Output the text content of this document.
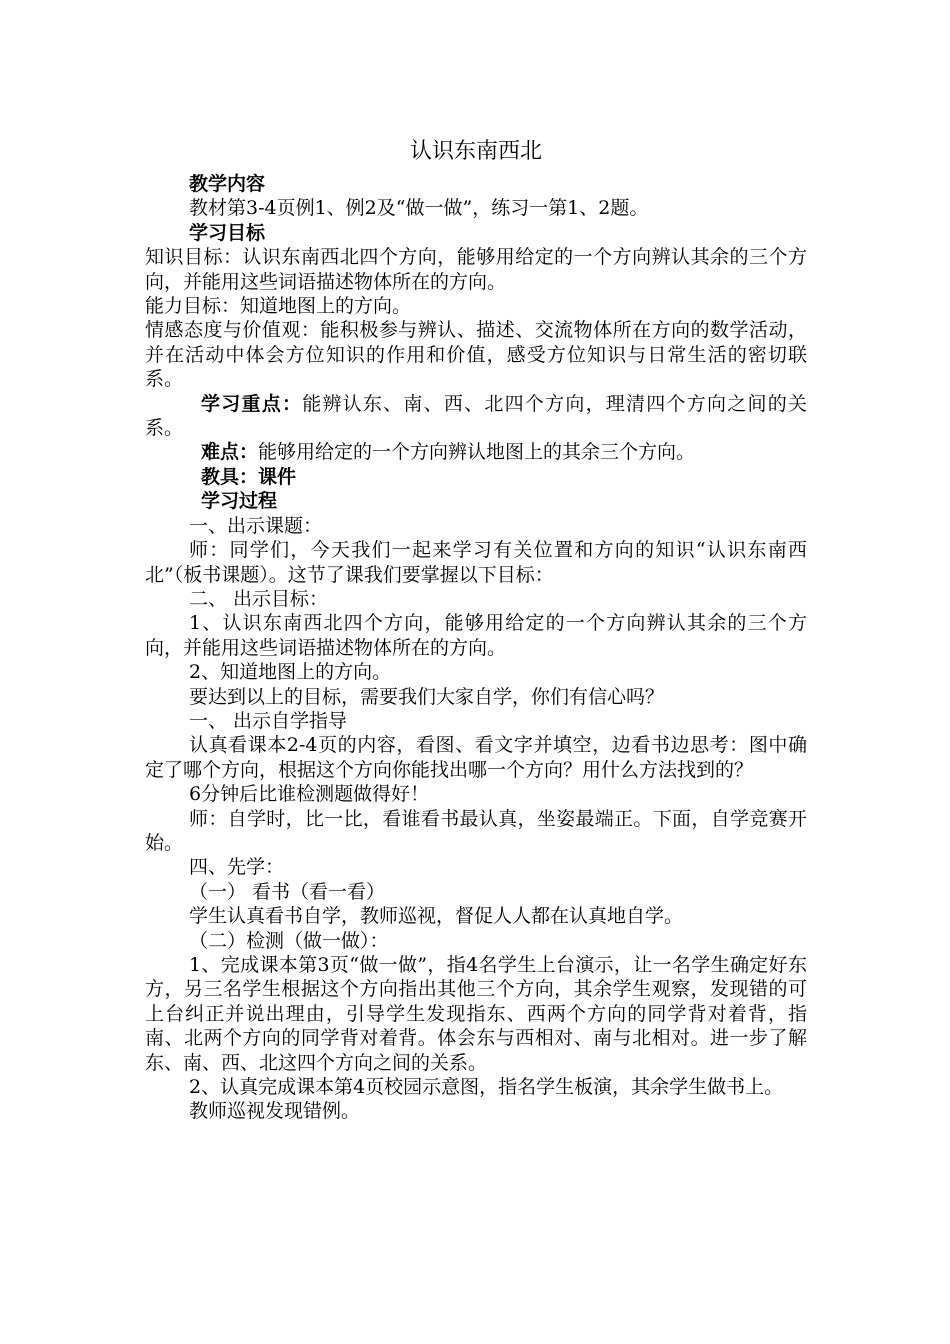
认识东南西北

教学内容

教材第3-4页例1、例2及“做一做”，练习一第1、2题。

学习目标

知识目标：认识东南西北四个方向，能够用给定的一个方向辨认其余的三个方向，并能用这些词语描述物体所在的方向。

能力目标：知道地图上的方向。

情感态度与价值观：能积极参与辨认、描述、交流物体所在方向的数学活动，并在活动中体会方位知识的作用和价值，感受方位知识与日常生活的密切联系。

学习重点：能辨认东、南、西、北四个方向，理清四个方向之间的关系。

难点：能够用给定的一个方向辨认地图上的其余三个方向。

教具：课件

学习过程

一、出示课题：

师：同学们，今天我们一起来学习有关位置和方向的知识“认识东南西北”（板书课题）。这节了课我们要掌握以下目标：

二、 出示目标：

1、认识东南西北四个方向，能够用给定的一个方向辨认其余的三个方向，并能用这些词语描述物体所在的方向。

2、知道地图上的方向。

要达到以上的目标，需要我们大家自学，你们有信心吗？

一、 出示自学指导

认真看课本2-4页的内容，看图、看文字并填空，边看书边思考：图中确定了哪个方向，根据这个方向你能找出哪一个方向？用什么方法找到的？

6分钟后比谁检测题做得好！

师：自学时，比一比，看谁看书最认真，坐姿最端正。下面，自学竞赛开始。

四、先学：

（一） 看书（看一看）

学生认真看书自学，教师巡视，督促人人都在认真地自学。

（二）检测（做一做）：

1、完成课本第3页“做一做”，指4名学生上台演示，让一名学生确定好东方，另三名学生根据这个方向指出其他三个方向，其余学生观察，发现错的可上台纠正并说出理由，引导学生发现指东、西两个方向的同学背对着背，指南、北两个方向的同学背对着背。体会东与西相对、南与北相对。进一步了解东、南、西、北这四个方向之间的关系。

2、认真完成课本第4页校园示意图，指名学生板演，其余学生做书上。

教师巡视发现错例。
